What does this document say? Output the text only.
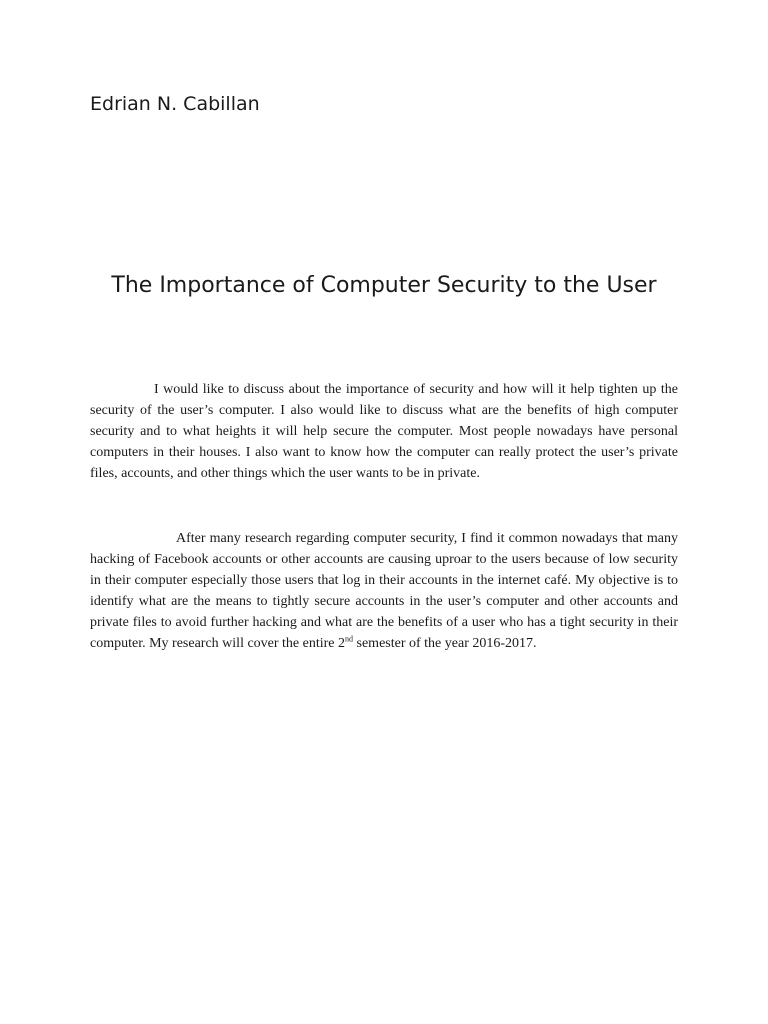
Edrian N. Cabillan
The Importance of Computer Security to the User

I would like to discuss about the importance of security and how will it help tighten up the security of the user’s computer. I also would like to discuss what are the benefits of high computer security and to what heights it will help secure the computer. Most people nowadays have personal computers in their houses. I also want to know how the computer can really protect the user’s private files, accounts, and other things which the user wants to be in private.

After many research regarding computer security, I find it common nowadays that many hacking of Facebook accounts or other accounts are causing uproar to the users because of low security in their computer especially those users that log in their accounts in the internet café. My objective is to identify what are the means to tightly secure accounts in the user’s computer and other accounts and private files to avoid further hacking and what are the benefits of a user who has a tight security in their computer. My research will cover the entire 2nd semester of the year 2016-2017.
